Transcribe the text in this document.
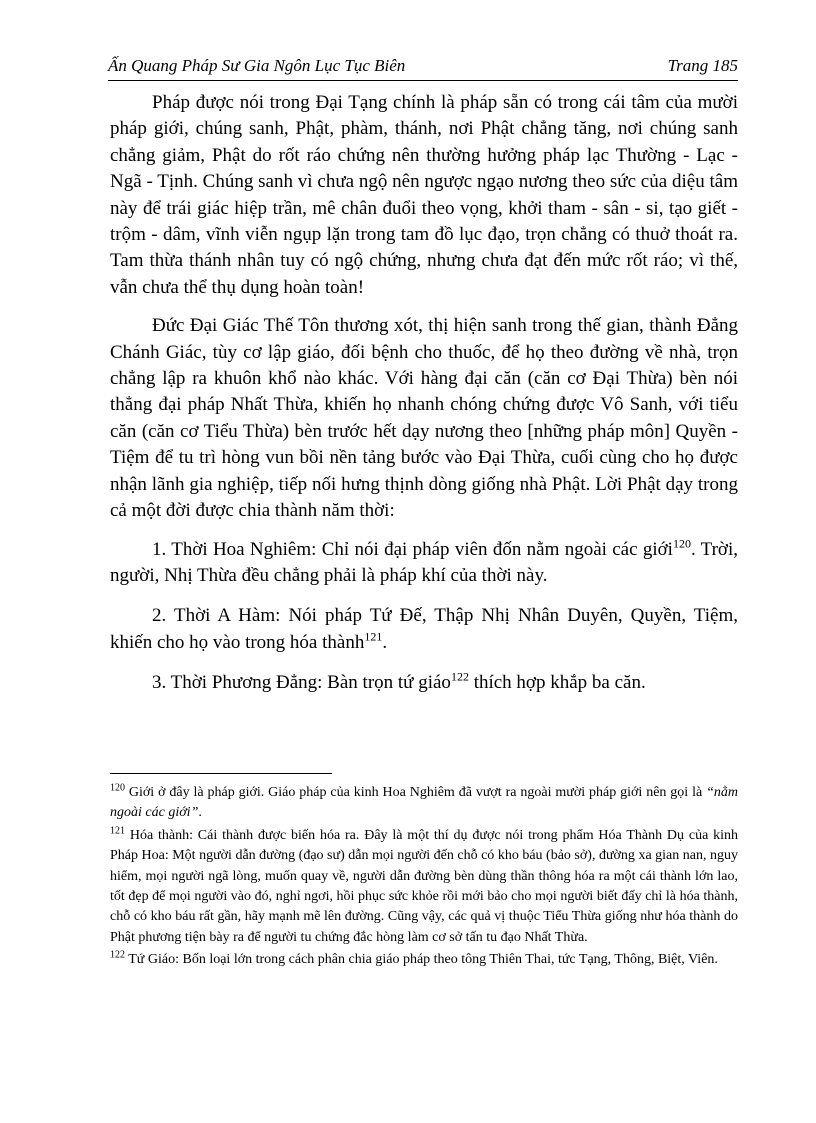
Ấn Quang Pháp Sư Gia Ngôn Lục Tục Biên	Trang 185

Pháp được nói trong Đại Tạng chính là pháp sẵn có trong cái tâm của mười pháp giới, chúng sanh, Phật, phàm, thánh, nơi Phật chẳng tăng, nơi chúng sanh chẳng giảm, Phật do rốt ráo chứng nên thường hưởng pháp lạc Thường - Lạc - Ngã - Tịnh. Chúng sanh vì chưa ngộ nên ngược ngạo nương theo sức của diệu tâm này để trái giác hiệp trần, mê chân đuổi theo vọng, khởi tham - sân - si, tạo giết - trộm - dâm, vĩnh viễn ngụp lặn trong tam đồ lục đạo, trọn chẳng có thuở thoát ra. Tam thừa thánh nhân tuy có ngộ chứng, nhưng chưa đạt đến mức rốt ráo; vì thế, vẫn chưa thể thụ dụng hoàn toàn!

Đức Đại Giác Thế Tôn thương xót, thị hiện sanh trong thế gian, thành Đẳng Chánh Giác, tùy cơ lập giáo, đối bệnh cho thuốc, để họ theo đường về nhà, trọn chẳng lập ra khuôn khổ nào khác. Với hàng đại căn (căn cơ Đại Thừa) bèn nói thẳng đại pháp Nhất Thừa, khiến họ nhanh chóng chứng được Vô Sanh, với tiểu căn (căn cơ Tiểu Thừa) bèn trước hết dạy nương theo [những pháp môn] Quyền - Tiệm để tu trì hòng vun bồi nền tảng bước vào Đại Thừa, cuối cùng cho họ được nhận lãnh gia nghiệp, tiếp nối hưng thịnh dòng giống nhà Phật. Lời Phật dạy trong cả một đời được chia thành năm thời:

1. Thời Hoa Nghiêm: Chỉ nói đại pháp viên đốn nằm ngoài các giới$^{120}$. Trời, người, Nhị Thừa đều chẳng phải là pháp khí của thời này.

2. Thời A Hàm: Nói pháp Tứ Đế, Thập Nhị Nhân Duyên, Quyền, Tiệm, khiến cho họ vào trong hóa thành$^{121}$.

3. Thời Phương Đẳng: Bàn trọn tứ giáo$^{122}$ thích hợp khắp ba căn.

$^{120}$ Giới ở đây là pháp giới. Giáo pháp của kinh Hoa Nghiêm đã vượt ra ngoài mười pháp giới nên gọi là “nằm ngoài các giới”.
$^{121}$ Hóa thành: Cái thành được biến hóa ra. Đây là một thí dụ được nói trong phẩm Hóa Thành Dụ của kinh Pháp Hoa: Một người dẫn đường (đạo sư) dẫn mọi người đến chỗ có kho báu (bảo sở), đường xa gian nan, nguy hiểm, mọi người ngã lòng, muốn quay về, người dẫn đường bèn dùng thần thông hóa ra một cái thành lớn lao, tốt đẹp để mọi người vào đó, nghỉ ngơi, hồi phục sức khỏe rồi mới bảo cho mọi người biết đấy chỉ là hóa thành, chỗ có kho báu rất gần, hãy mạnh mẽ lên đường. Cũng vậy, các quả vị thuộc Tiểu Thừa giống như hóa thành do Phật phương tiện bày ra để người tu chứng đắc hòng làm cơ sở tấn tu đạo Nhất Thừa.
$^{122}$ Tứ Giáo: Bốn loại lớn trong cách phân chia giáo pháp theo tông Thiên Thai, tức Tạng, Thông, Biệt, Viên.
